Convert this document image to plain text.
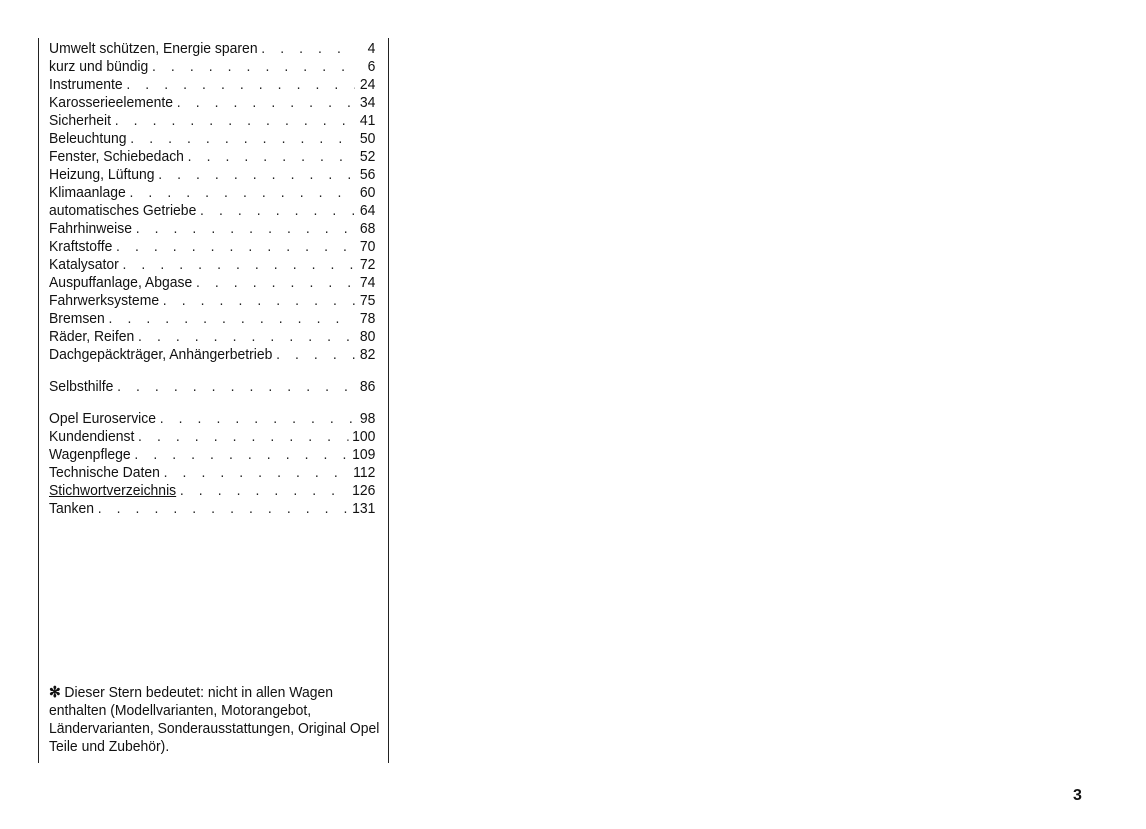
Umwelt schützen, Energie sparen . . .	4
kurz und bündig . . .	6
Instrumente . . .	24
Karosserieelemente . . .	34
Sicherheit . . .	41
Beleuchtung . . .	50
Fenster, Schiebedach . . .	52
Heizung, Lüftung . . .	56
Klimaanlage . . .	60
automatisches Getriebe . . .	64
Fahrhinweise . . .	68
Kraftstoffe . . .	70
Katalysator . . .	72
Auspuffanlage, Abgase . . .	74
Fahrwerksysteme . . .	75
Bremsen . . .	78
Räder, Reifen . . .	80
Dachgepäckträger, Anhängerbetrieb . . .	82
Selbsthilfe . . .	86
Opel Euroservice . . .	98
Kundendienst . . .	100
Wagenpflege . . .	109
Technische Daten . . .	112
Stichwortverzeichnis . . .	126
Tanken . . .	131
✻ Dieser Stern bedeutet: nicht in allen Wagen enthalten (Modellvarianten, Motorangebot, Ländervarianten, Sonderausstattungen, Original Opel Teile und Zubehör).
3
